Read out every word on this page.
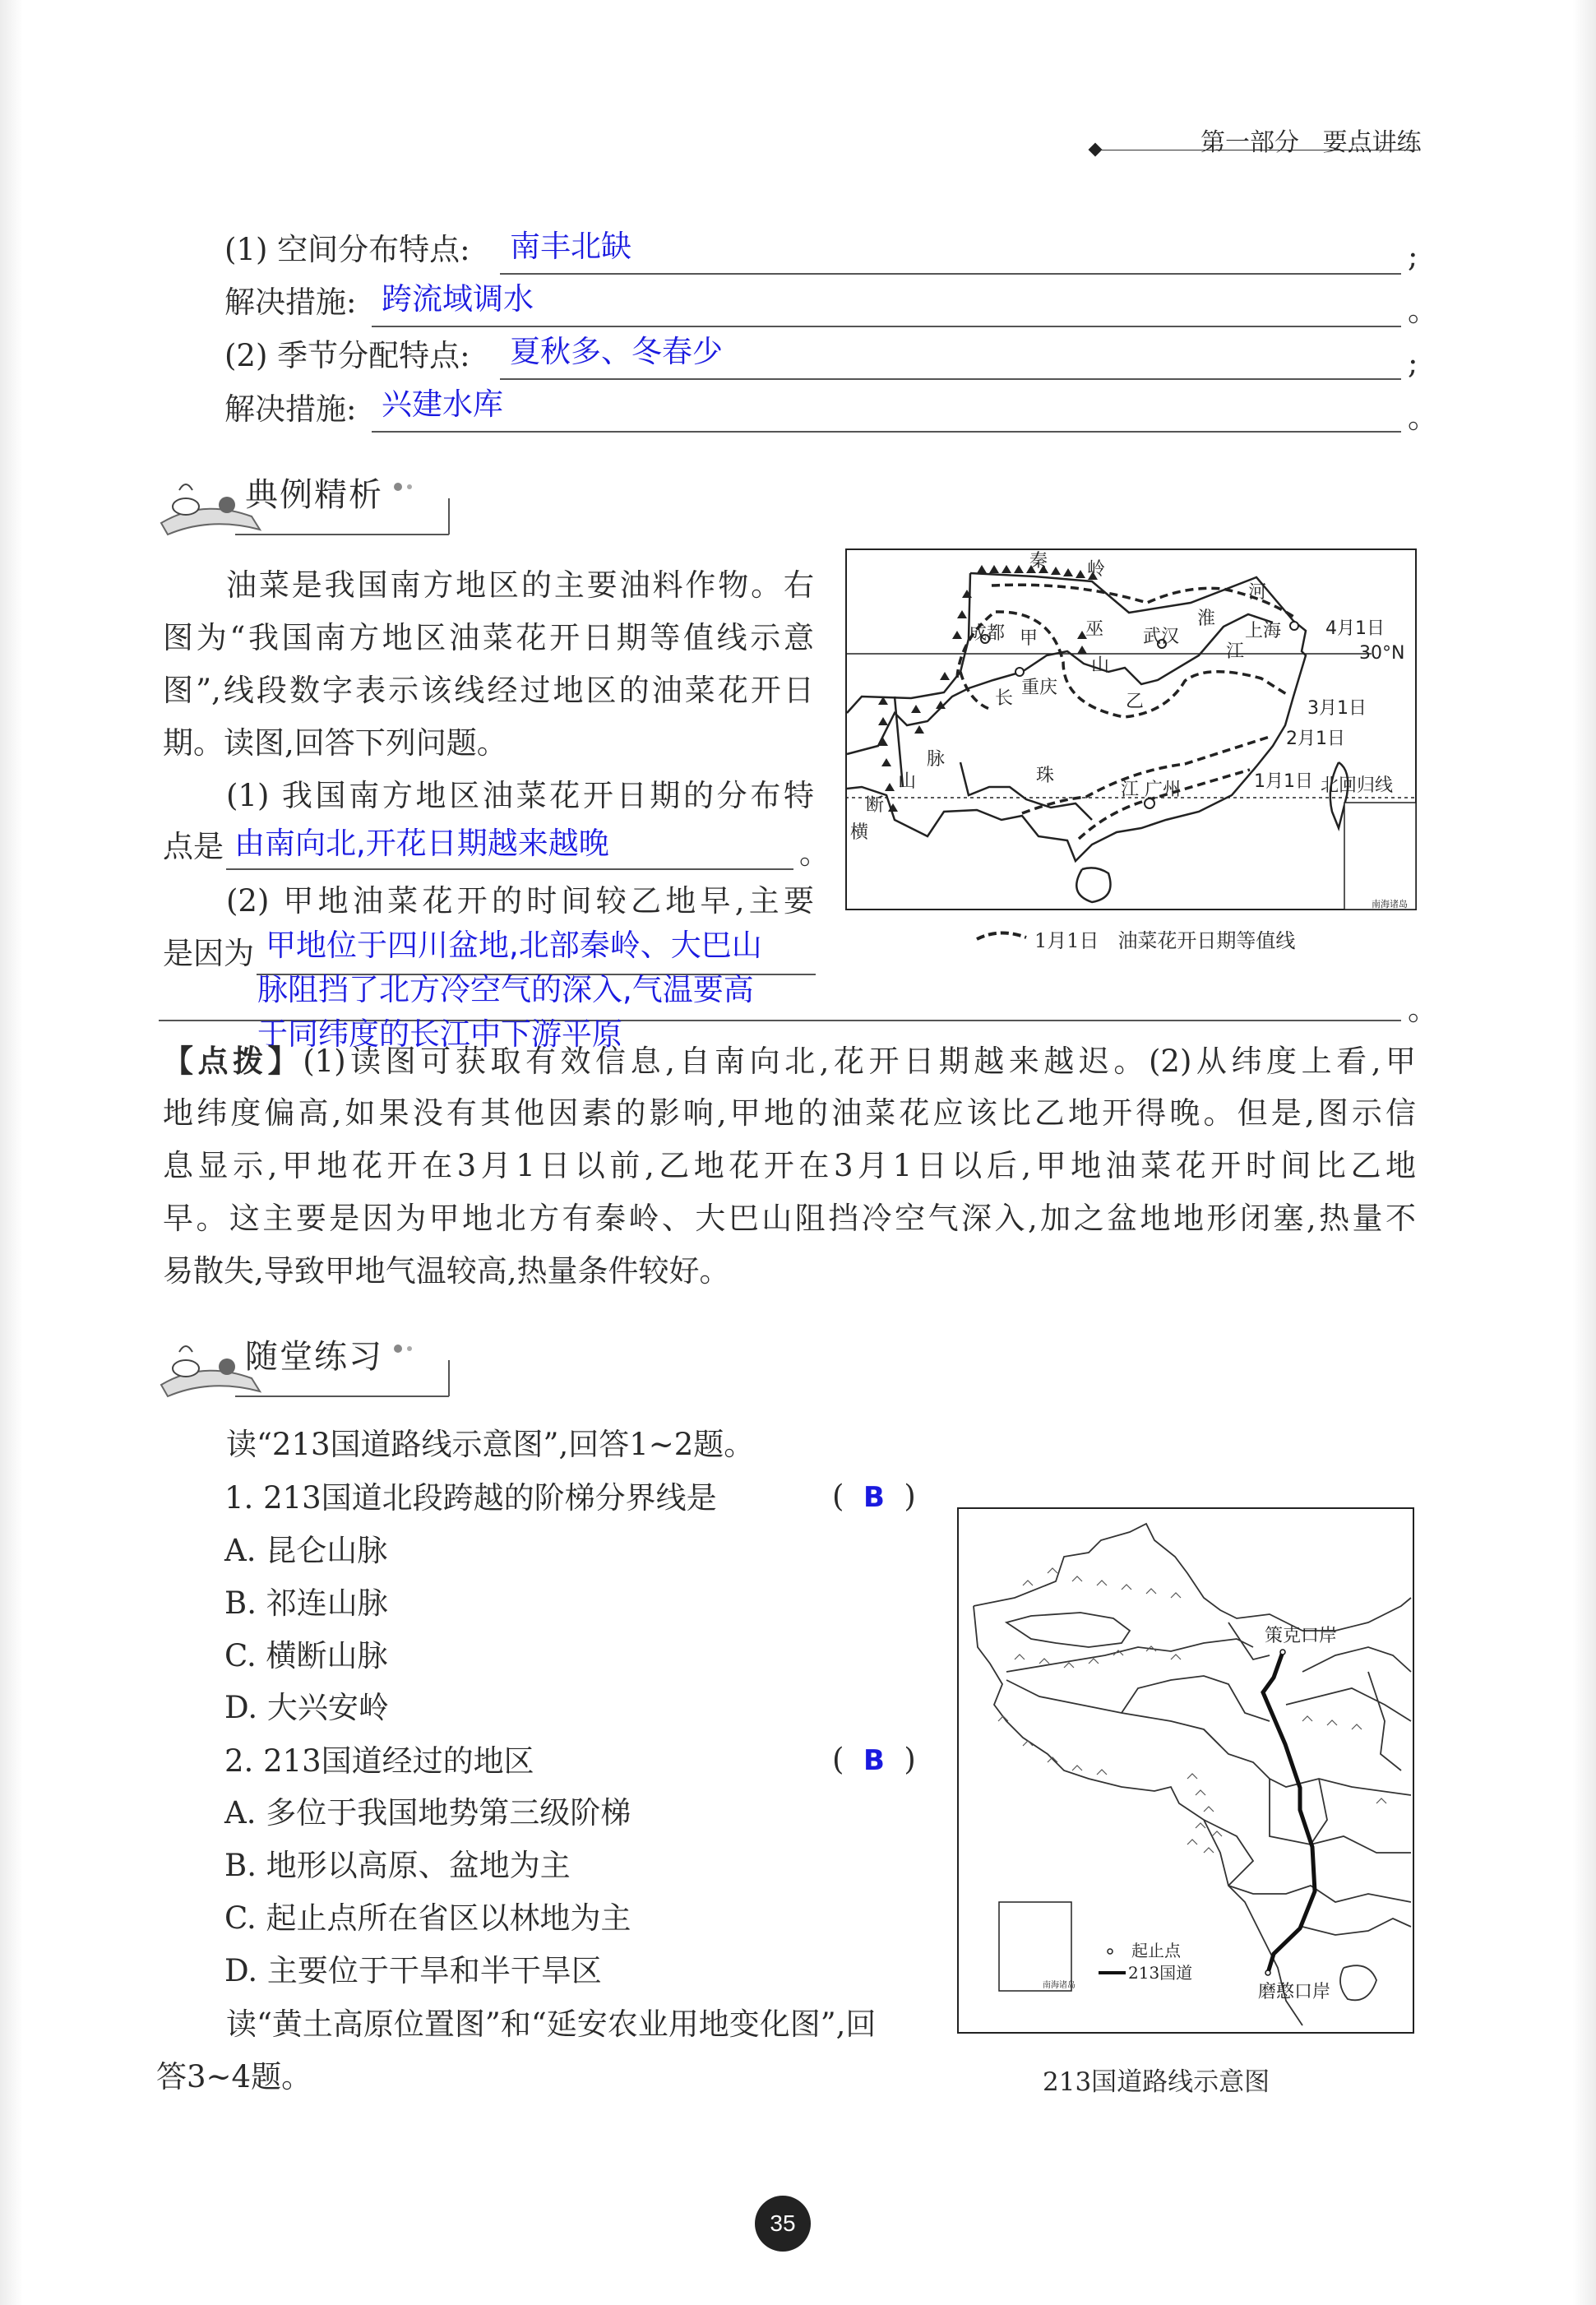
第一部分 要点讲练
(1) 空间分布特点: 南丰北缺	;
解决措施: 跨流域调水	。
(2) 季节分配特点: 夏秋多、冬春少	;
解决措施: 兴建水库	。
典例精析
油菜是我国南方地区的主要油料作物。右
图为“我国南方地区油菜花开日期等值线示意
图”,线段数字表示该线经过地区的油菜花开日
期。读图,回答下列问题。
(1) 我国南方地区油菜花开日期的分布特
点是 由南向北,开花日期越来越晚	。
(2) 甲地油菜花开的时间较乙地早,主要
是因为 甲地位于四川盆地,北部秦岭、大巴山
脉阻挡了北方冷空气的深入,气温要高
于同纬度的长江中下游平原
。
南海诸岛
秦 岭
河
淮	4月1日
上海
30°N
成都 甲	巫 武汉
江
山
重庆
长	乙	3月1日
2月1日
脉
珠	1月1日 北回归线
山	江 广州
断
横
1月1日 油菜花开日期等值线
【点拨】(1)读图可获取有效信息,自南向北,花开日期越来越迟。(2)从纬度上看,甲
地纬度偏高,如果没有其他因素的影响,甲地的油菜花应该比乙地开得晚。但是,图示信
息显示,甲地花开在3月1日以前,乙地花开在3月1日以后,甲地油菜花开时间比乙地
早。这主要是因为甲地北方有秦岭、大巴山阻挡冷空气深入,加之盆地地形闭塞,热量不
易散失,导致甲地气温较高,热量条件较好。
随堂练习
读“213国道路线示意图”,回答1~2题。
1. 213国道北段跨越的阶梯分界线是	(  B  )
A. 昆仑山脉
B. 祁连山脉
C. 横断山脉
D. 大兴安岭
2. 213国道经过的地区	(  B  )
A. 多位于我国地势第三级阶梯
B. 地形以高原、盆地为主
C. 起止点所在省区以林地为主
D. 主要位于干旱和半干旱区
读“黄土高原位置图”和“延安农业用地变化图”,回
答3~4题。
策克口岸
磨憨口岸
南海诸岛
起止点
213国道
213国道路线示意图
35
